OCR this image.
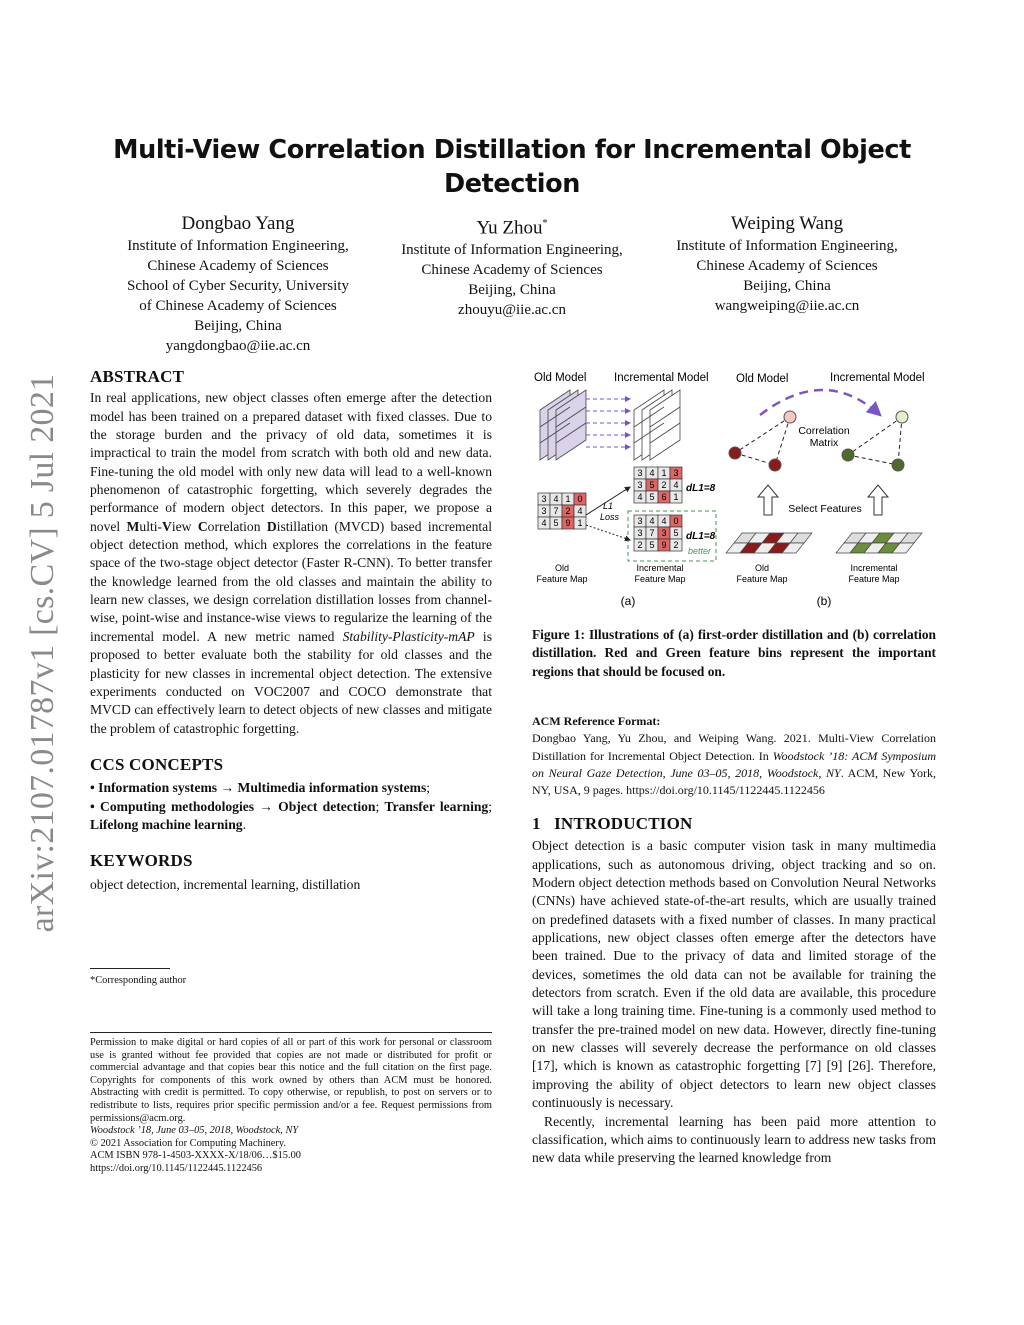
arXiv:2107.01787v1 [cs.CV] 5 Jul 2021
Multi-View Correlation Distillation for Incremental Object Detection
Dongbao Yang
Institute of Information Engineering,
Chinese Academy of Sciences
School of Cyber Security, University
of Chinese Academy of Sciences
Beijing, China
yangdongbao@iie.ac.cn
Yu Zhou*
Institute of Information Engineering,
Chinese Academy of Sciences
Beijing, China
zhouyu@iie.ac.cn
Weiping Wang
Institute of Information Engineering,
Chinese Academy of Sciences
Beijing, China
wangweiping@iie.ac.cn
ABSTRACT

In real applications, new object classes often emerge after the detection model has been trained on a prepared dataset with fixed classes. Due to the storage burden and the privacy of old data, sometimes it is impractical to train the model from scratch with both old and new data. Fine-tuning the old model with only new data will lead to a well-known phenomenon of catastrophic forgetting, which severely degrades the performance of modern object detectors. In this paper, we propose a novel Multi-View Correlation Distillation (MVCD) based incremental object detection method, which explores the correlations in the feature space of the two-stage object detector (Faster R-CNN). To better transfer the knowledge learned from the old classes and maintain the ability to learn new classes, we design correlation distillation losses from channel-wise, point-wise and instance-wise views to regularize the learning of the incremental model. A new metric named Stability-Plasticity-mAP is proposed to better evaluate both the stability for old classes and the plasticity for new classes in incremental object detection. The extensive experiments conducted on VOC2007 and COCO demonstrate that MVCD can effectively learn to detect objects of new classes and mitigate the problem of catastrophic forgetting.

CCS CONCEPTS

• Information systems → Multimedia information systems;
• Computing methodologies → Object detection; Transfer learning; Lifelong machine learning.

KEYWORDS

object detection, incremental learning, distillation

*Corresponding author

Permission to make digital or hard copies of all or part of this work for personal or classroom use is granted without fee provided that copies are not made or distributed for profit or commercial advantage and that copies bear this notice and the full citation on the first page. Copyrights for components of this work owned by others than ACM must be honored. Abstracting with credit is permitted. To copy otherwise, or republish, to post on servers or to redistribute to lists, requires prior specific permission and/or a fee. Request permissions from permissions@acm.org.

Woodstock ’18, June 03–05, 2018, Woodstock, NY

© 2021 Association for Computing Machinery.

ACM ISBN 978-1-4503-XXXX-X/18/06…$15.00

https://doi.org/10.1145/1122445.1122456

Old Model Incremental Model
3 4 1 0
3 7 2 4
4 5 9 1
3 4 1 3
3 5 2 4
4 5 6 1
3 4 4 0
3 7 3 5
2 5 9 2
L1
Loss
dL1=8
dL1=8
better
Old
Feature Map
Incremental
Feature Map
(a)
Old Model	Incremental Model
Correlation
Matrix
Select Features
Old
Feature Map
Incremental
Feature Map
(b)
Figure 1: Illustrations of (a) first-order distillation and (b) correlation distillation. Red and Green feature bins represent the important regions that should be focused on.

ACM Reference Format:

Dongbao Yang, Yu Zhou, and Weiping Wang. 2021. Multi-View Correlation Distillation for Incremental Object Detection. In Woodstock ’18: ACM Symposium on Neural Gaze Detection, June 03–05, 2018, Woodstock, NY. ACM, New York, NY, USA, 9 pages. https://doi.org/10.1145/1122445.1122456

1 INTRODUCTION

Object detection is a basic computer vision task in many multimedia applications, such as autonomous driving, object tracking and so on. Modern object detection methods based on Convolution Neural Networks (CNNs) have achieved state-of-the-art results, which are usually trained on predefined datasets with a fixed number of classes. In many practical applications, new object classes often emerge after the detectors have been trained. Due to the privacy of data and limited storage of the devices, sometimes the old data can not be available for training the detectors from scratch. Even if the old data are available, this procedure will take a long training time. Fine-tuning is a commonly used method to transfer the pre-trained model on new data. However, directly fine-tuning on new classes will severely decrease the performance on old classes [17], which is known as catastrophic forgetting [7] [9] [26]. Therefore, improving the ability of object detectors to learn new object classes continuously is necessary.

Recently, incremental learning has been paid more attention to classification, which aims to continuously learn to address new tasks from new data while preserving the learned knowledge from
